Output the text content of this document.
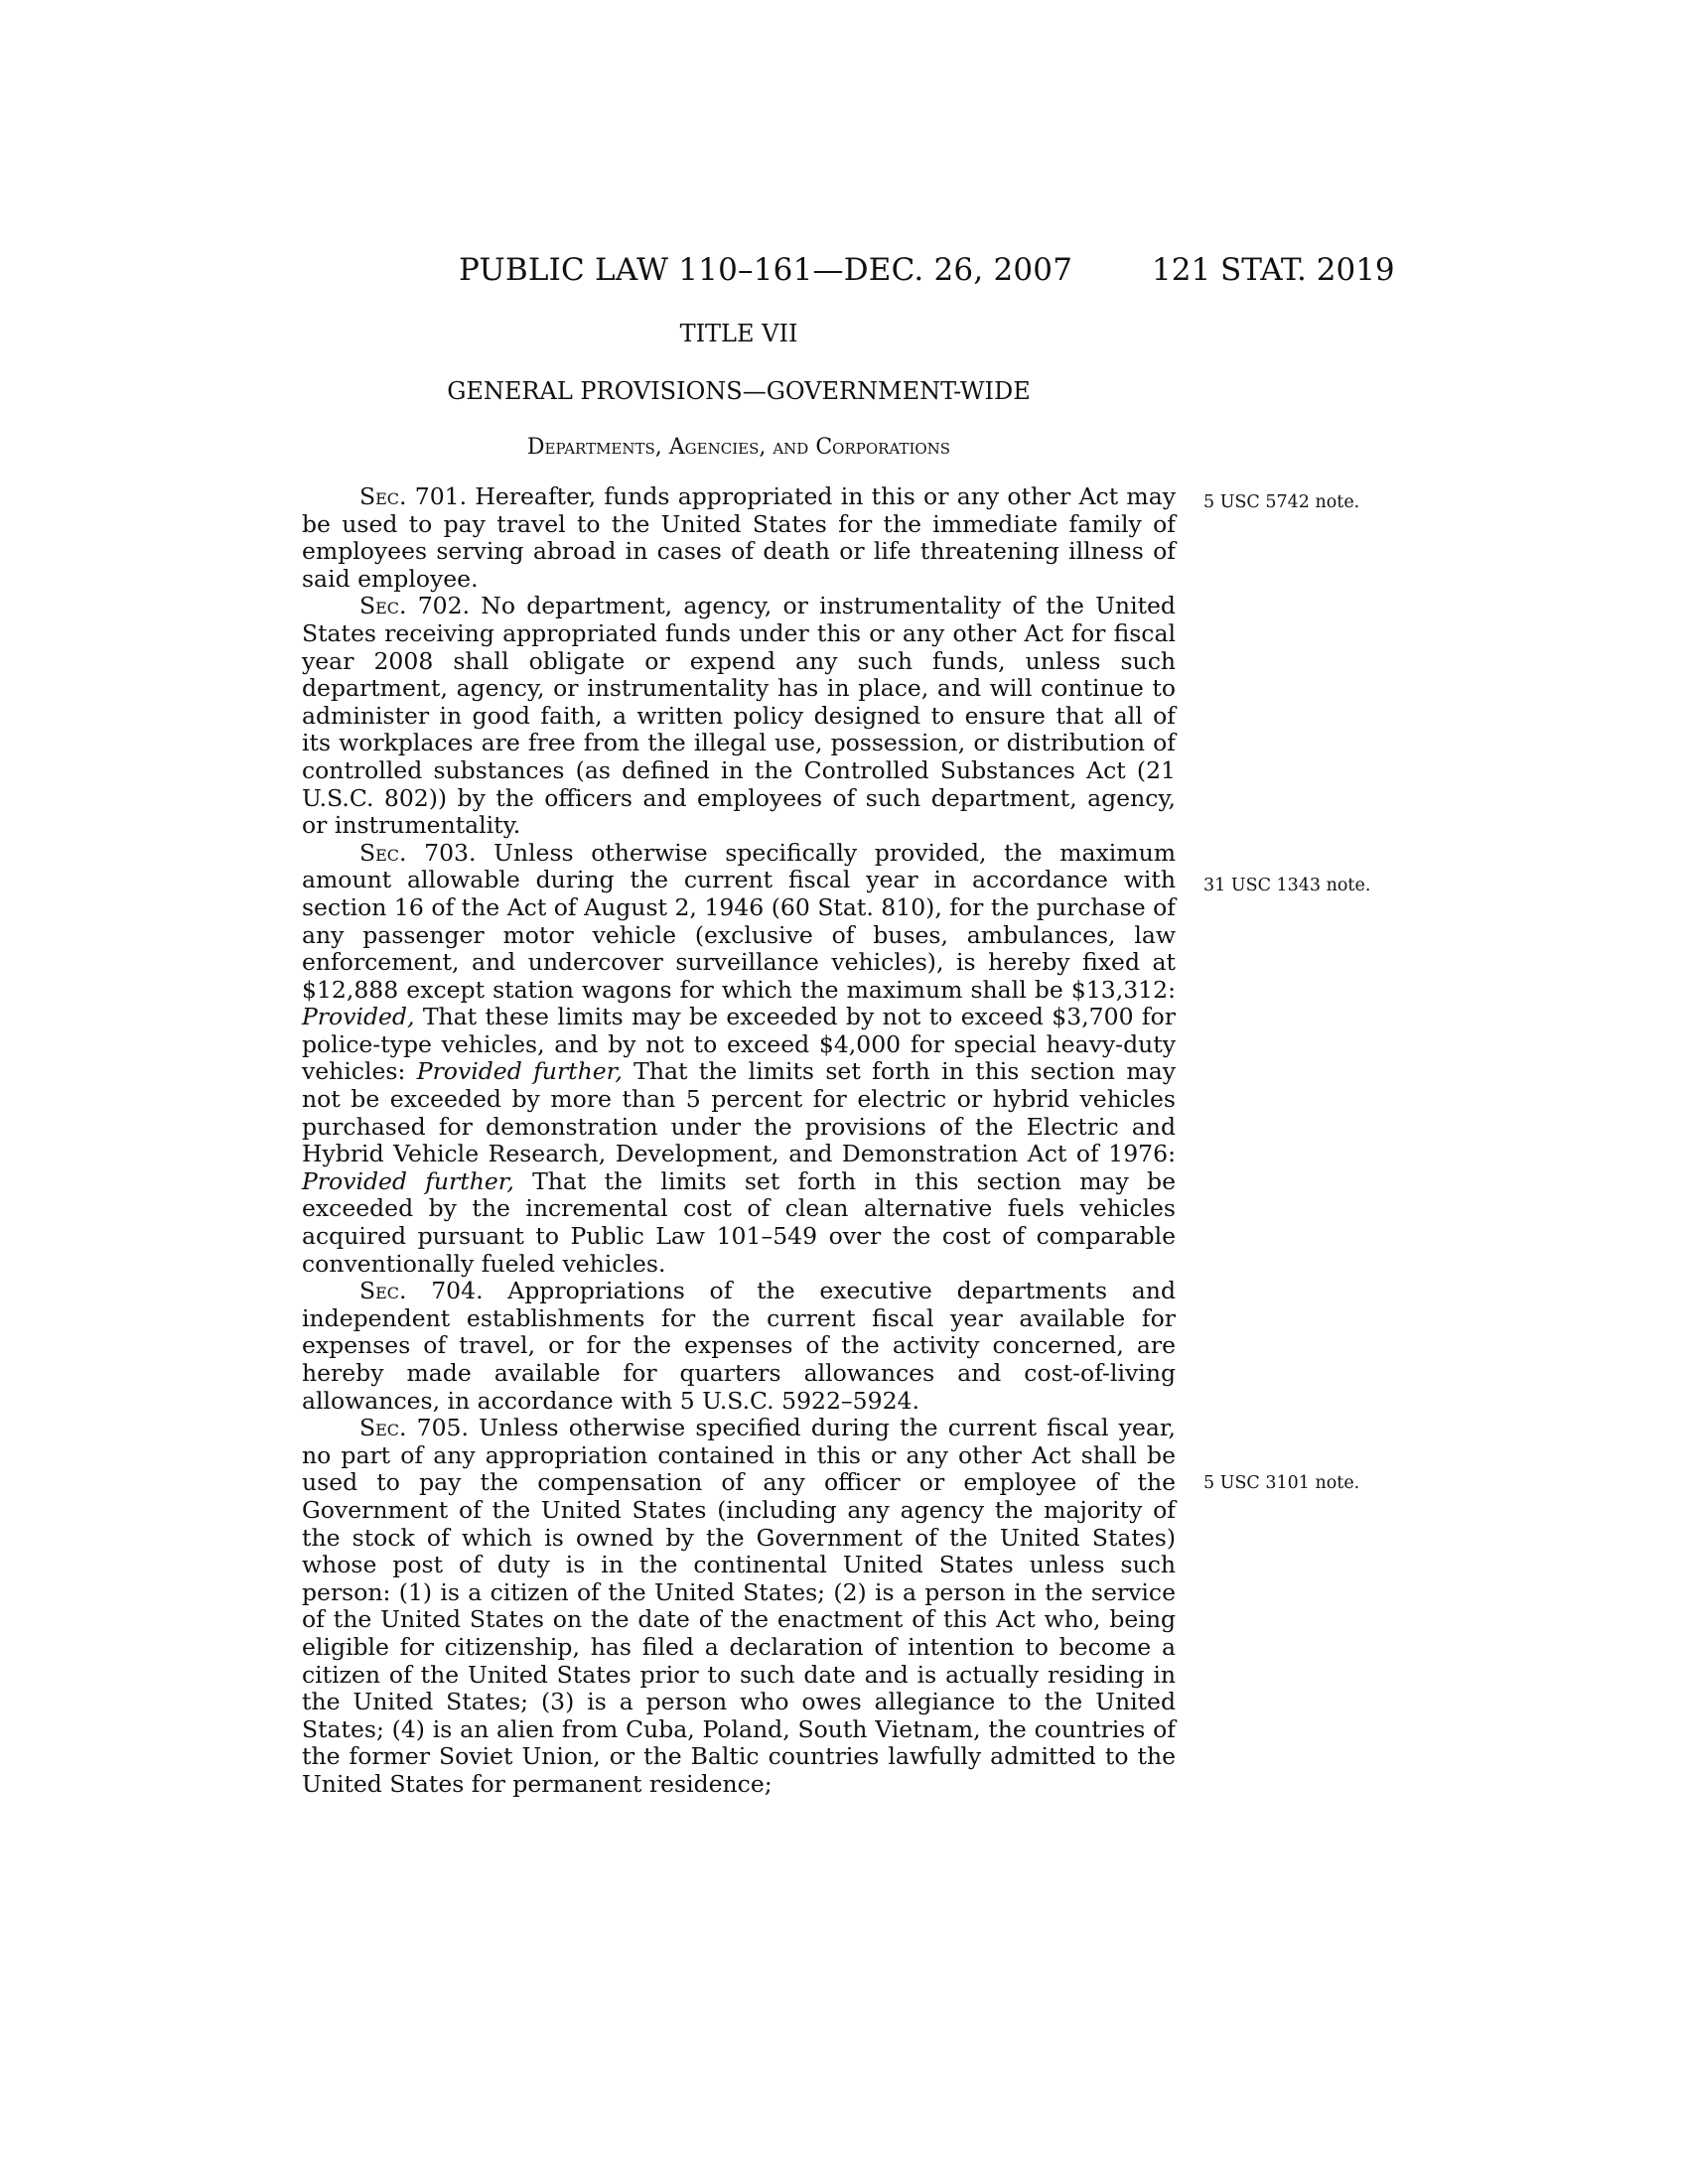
PUBLIC LAW 110–161—DEC. 26, 2007	121 STAT. 2019
TITLE VII
GENERAL PROVISIONS—GOVERNMENT-WIDE
Departments, Agencies, and Corporations
5 USC 5742 note.
31 USC 1343 note.
5 USC 3101 note.

Sec. 701. Hereafter, funds appropriated in this or any other Act may be used to pay travel to the United States for the immediate family of employees serving abroad in cases of death or life threatening illness of said employee.

Sec. 702. No department, agency, or instrumentality of the United States receiving appropriated funds under this or any other Act for fiscal year 2008 shall obligate or expend any such funds, unless such department, agency, or instrumentality has in place, and will continue to administer in good faith, a written policy designed to ensure that all of its workplaces are free from the illegal use, possession, or distribution of controlled substances (as defined in the Controlled Substances Act (21 U.S.C. 802)) by the officers and employees of such department, agency, or instrumentality.

Sec. 703. Unless otherwise specifically provided, the maximum amount allowable during the current fiscal year in accordance with section 16 of the Act of August 2, 1946 (60 Stat. 810), for the purchase of any passenger motor vehicle (exclusive of buses, ambulances, law enforcement, and undercover surveillance vehicles), is hereby fixed at $12,888 except station wagons for which the maximum shall be $13,312: Provided, That these limits may be exceeded by not to exceed $3,700 for police-type vehicles, and by not to exceed $4,000 for special heavy-duty vehicles: Provided further, That the limits set forth in this section may not be exceeded by more than 5 percent for electric or hybrid vehicles purchased for demonstration under the provisions of the Electric and Hybrid Vehicle Research, Development, and Demonstration Act of 1976: Provided further, That the limits set forth in this section may be exceeded by the incremental cost of clean alternative fuels vehicles acquired pursuant to Public Law 101–549 over the cost of comparable conventionally fueled vehicles.

Sec. 704. Appropriations of the executive departments and independent establishments for the current fiscal year available for expenses of travel, or for the expenses of the activity concerned, are hereby made available for quarters allowances and cost-of-living allowances, in accordance with 5 U.S.C. 5922–5924.

Sec. 705. Unless otherwise specified during the current fiscal year, no part of any appropriation contained in this or any other Act shall be used to pay the compensation of any officer or employee of the Government of the United States (including any agency the majority of the stock of which is owned by the Government of the United States) whose post of duty is in the continental United States unless such person: (1) is a citizen of the United States; (2) is a person in the service of the United States on the date of the enactment of this Act who, being eligible for citizenship, has filed a declaration of intention to become a citizen of the United States prior to such date and is actually residing in the United States; (3) is a person who owes allegiance to the United States; (4) is an alien from Cuba, Poland, South Vietnam, the countries of the former Soviet Union, or the Baltic countries lawfully admitted to the United States for permanent residence;
